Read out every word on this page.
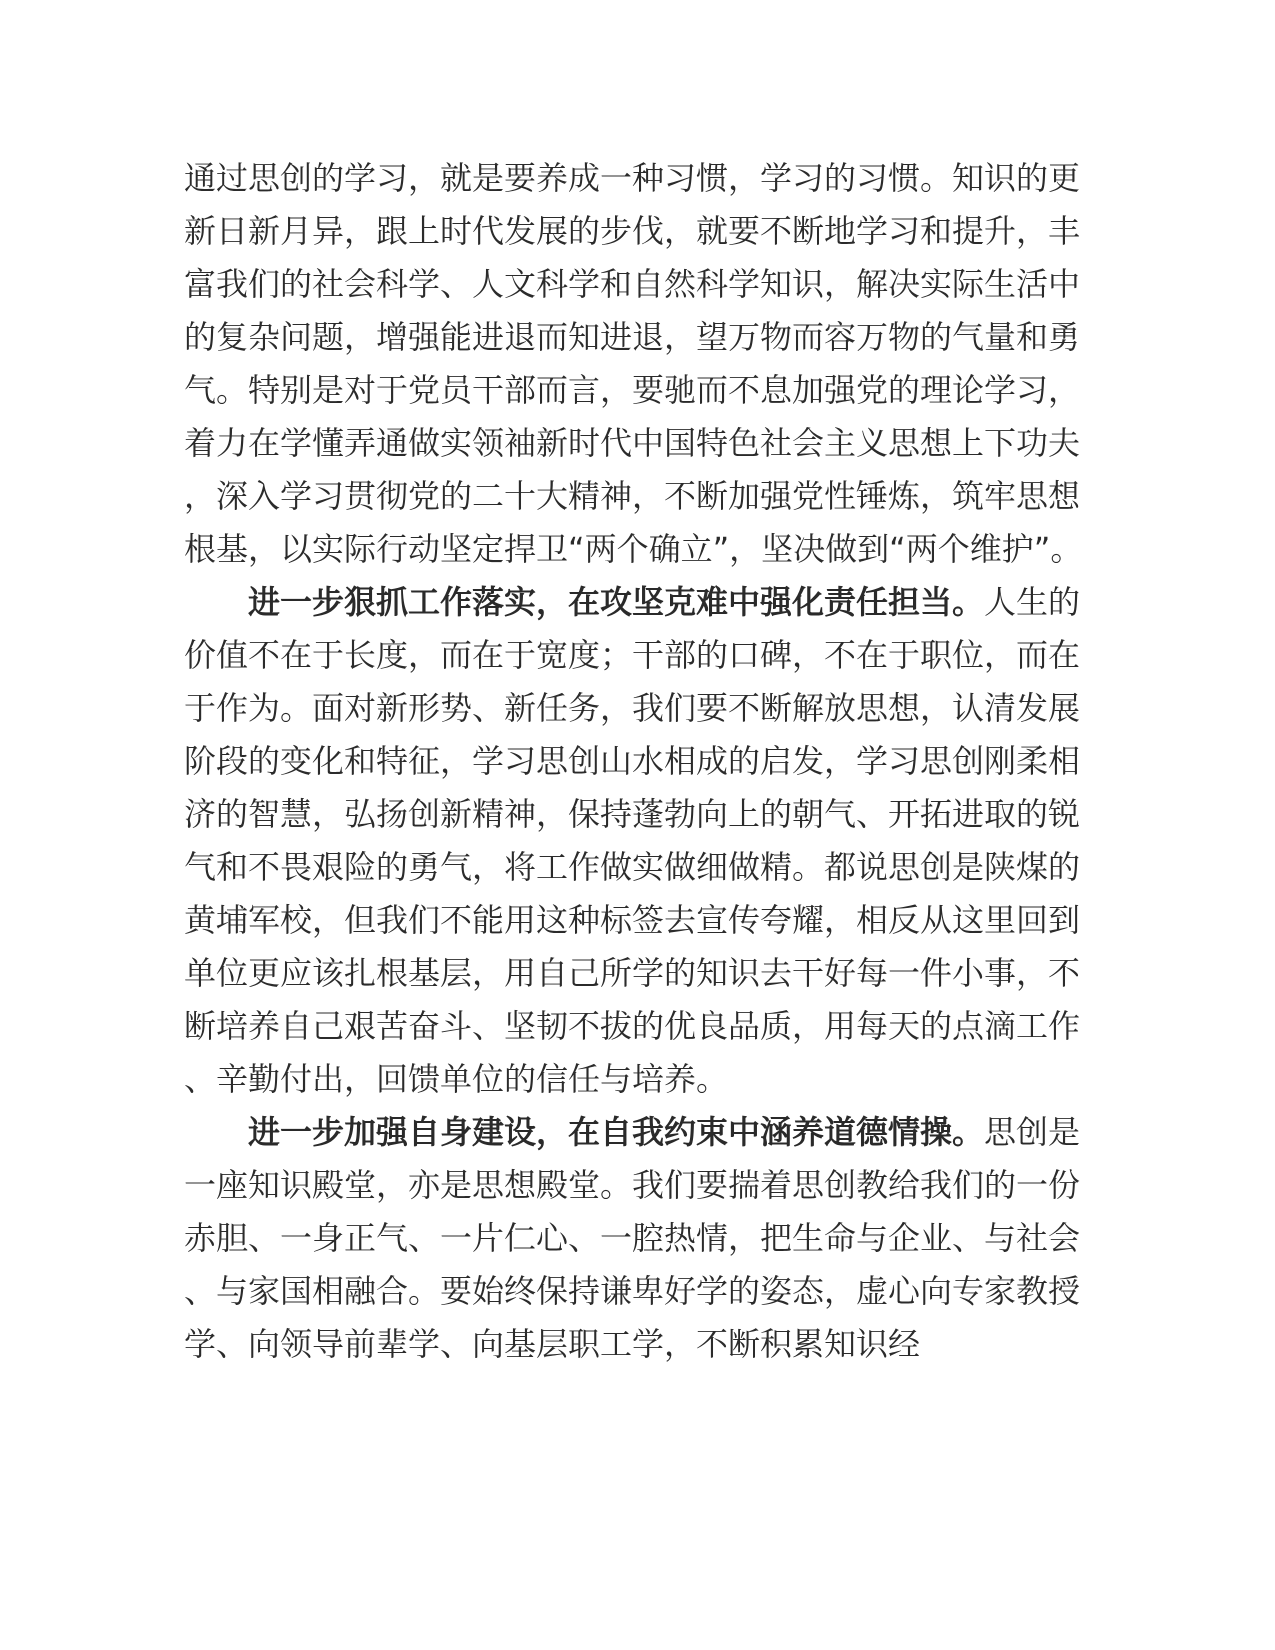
通过思创的学习，就是要养成一种习惯，学习的习惯。知识的更新日新月异，跟上时代发展的步伐，就要不断地学习和提升，丰富我们的社会科学、人文科学和自然科学知识，解决实际生活中的复杂问题，增强能进退而知进退，望万物而容万物的气量和勇气。特别是对于党员干部而言，要驰而不息加强党的理论学习，着力在学懂弄通做实领袖新时代中国特色社会主义思想上下功夫，深入学习贯彻党的二十大精神，不断加强党性锤炼，筑牢思想根基，以实际行动坚定捍卫“两个确立”，坚决做到“两个维护”。

进一步狠抓工作落实，在攻坚克难中强化责任担当。人生的价值不在于长度，而在于宽度；干部的口碑，不在于职位，而在于作为。面对新形势、新任务，我们要不断解放思想，认清发展阶段的变化和特征，学习思创山水相成的启发，学习思创刚柔相济的智慧，弘扬创新精神，保持蓬勃向上的朝气、开拓进取的锐气和不畏艰险的勇气，将工作做实做细做精。都说思创是陕煤的黄埔军校，但我们不能用这种标签去宣传夸耀，相反从这里回到单位更应该扎根基层，用自己所学的知识去干好每一件小事，不断培养自己艰苦奋斗、坚韧不拔的优良品质，用每天的点滴工作、辛勤付出，回馈单位的信任与培养。

进一步加强自身建设，在自我约束中涵养道德情操。思创是一座知识殿堂，亦是思想殿堂。我们要揣着思创教给我们的一份赤胆、一身正气、一片仁心、一腔热情，把生命与企业、与社会、与家国相融合。要始终保持谦卑好学的姿态，虚心向专家教授学、向领导前辈学、向基层职工学，不断积累知识经
